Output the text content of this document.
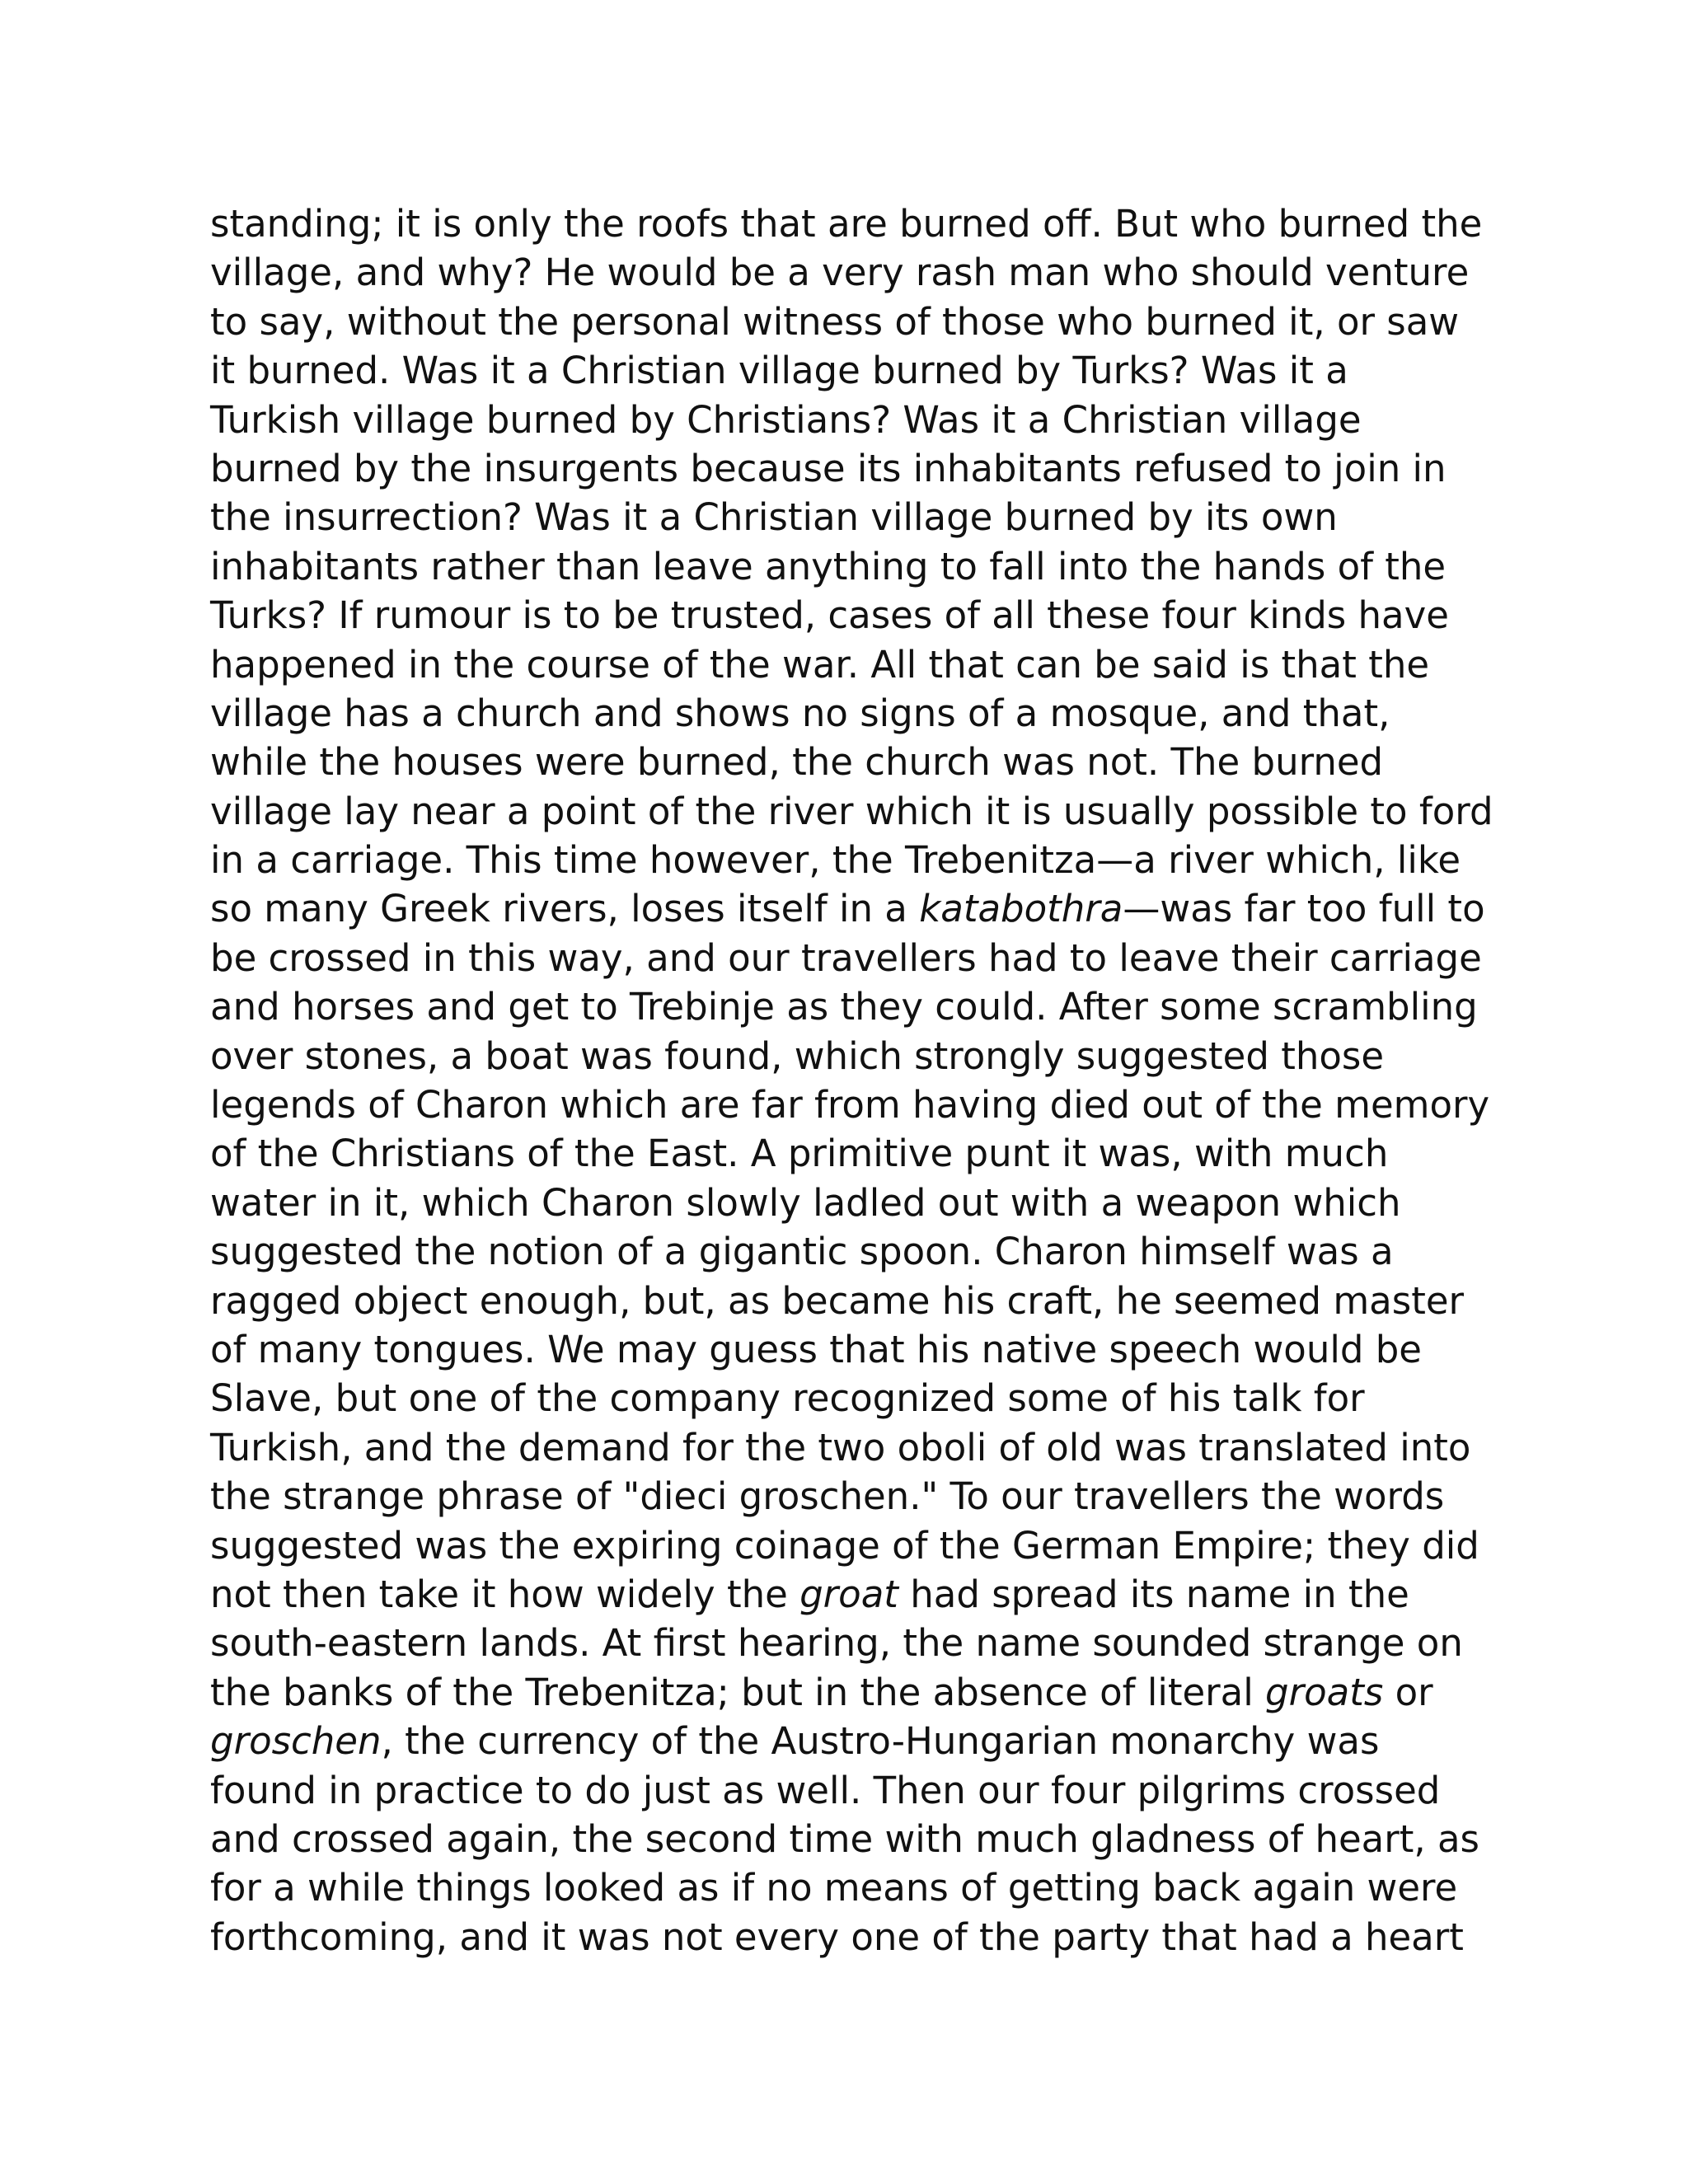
standing; it is only the roofs that are burned off. But who burned the
village, and why? He would be a very rash man who should venture
to say, without the personal witness of those who burned it, or saw
it burned. Was it a Christian village burned by Turks? Was it a
Turkish village burned by Christians? Was it a Christian village
burned by the insurgents because its inhabitants refused to join in
the insurrection? Was it a Christian village burned by its own
inhabitants rather than leave anything to fall into the hands of the
Turks? If rumour is to be trusted, cases of all these four kinds have
happened in the course of the war. All that can be said is that the
village has a church and shows no signs of a mosque, and that,
while the houses were burned, the church was not. The burned
village lay near a point of the river which it is usually possible to ford
in a carriage. This time however, the Trebenitza—a river which, like
so many Greek rivers, loses itself in a katabothra—was far too full to
be crossed in this way, and our travellers had to leave their carriage
and horses and get to Trebinje as they could. After some scrambling
over stones, a boat was found, which strongly suggested those
legends of Charon which are far from having died out of the memory
of the Christians of the East. A primitive punt it was, with much
water in it, which Charon slowly ladled out with a weapon which
suggested the notion of a gigantic spoon. Charon himself was a
ragged object enough, but, as became his craft, he seemed master
of many tongues. We may guess that his native speech would be
Slave, but one of the company recognized some of his talk for
Turkish, and the demand for the two oboli of old was translated into
the strange phrase of "dieci groschen." To our travellers the words
suggested was the expiring coinage of the German Empire; they did
not then take it how widely the groat had spread its name in the
south-eastern lands. At first hearing, the name sounded strange on
the banks of the Trebenitza; but in the absence of literal groats or
groschen, the currency of the Austro-Hungarian monarchy was
found in practice to do just as well. Then our four pilgrims crossed
and crossed again, the second time with much gladness of heart, as
for a while things looked as if no means of getting back again were
forthcoming, and it was not every one of the party that had a heart
